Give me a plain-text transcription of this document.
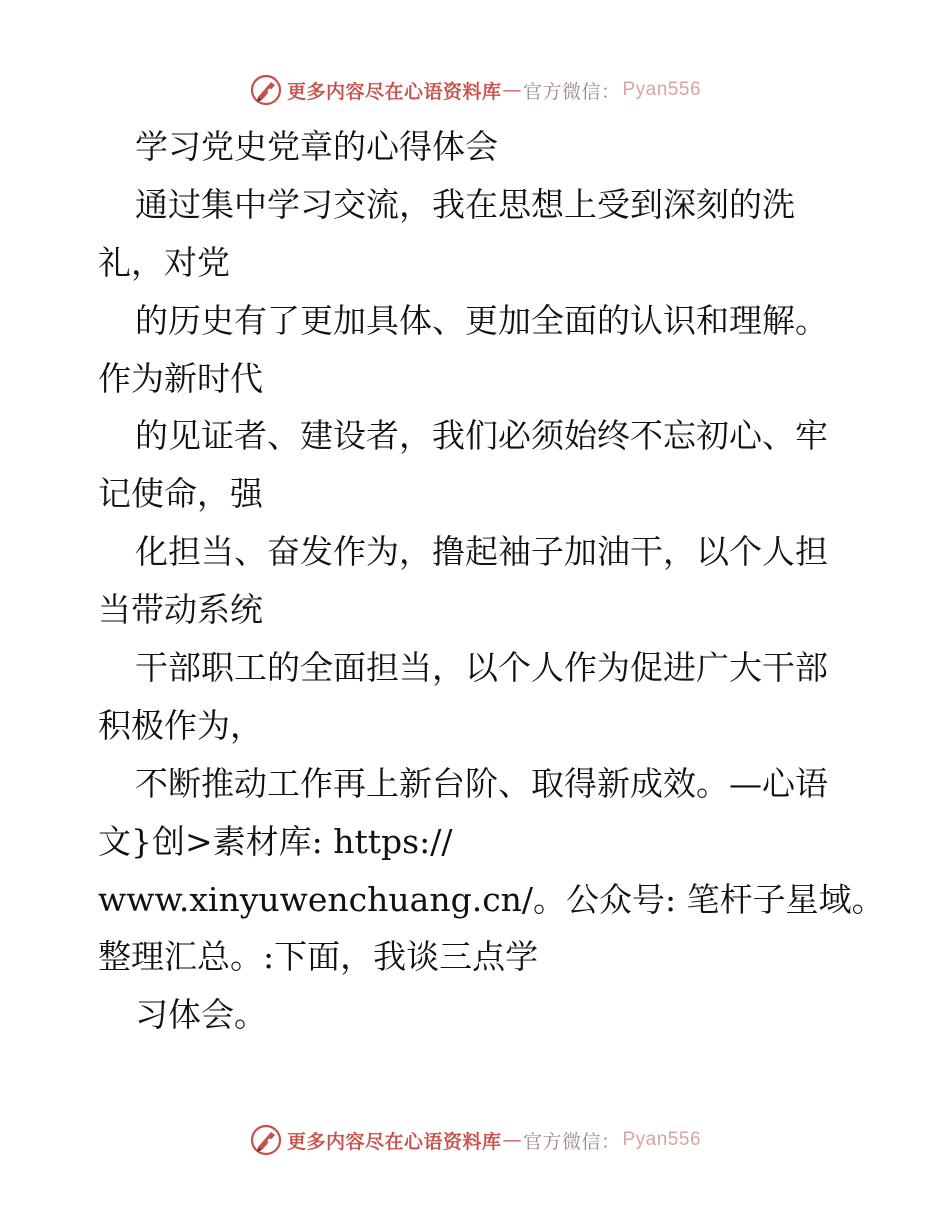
更多内容尽在心语资料库 — 官方微信： Pyan556
学习党史党章的心得体会
通过集中学习交流，我在思想上受到深刻的洗
礼，对党
的历史有了更加具体、更加全面的认识和理解。
作为新时代
的见证者、建设者，我们必须始终不忘初心、牢
记使命，强
化担当、奋发作为，撸起袖子加油干，以个人担
当带动系统
干部职工的全面担当，以个人作为促进广大干部
积极作为，
不断推动工作再上新台阶、取得新成效。—心语
文}创>素材库: https://
www.xinyuwenchuang.cn/。公众号: 笔杆子星域。
整理汇总。:下面，我谈三点学
习体会。
更多内容尽在心语资料库 — 官方微信： Pyan556
